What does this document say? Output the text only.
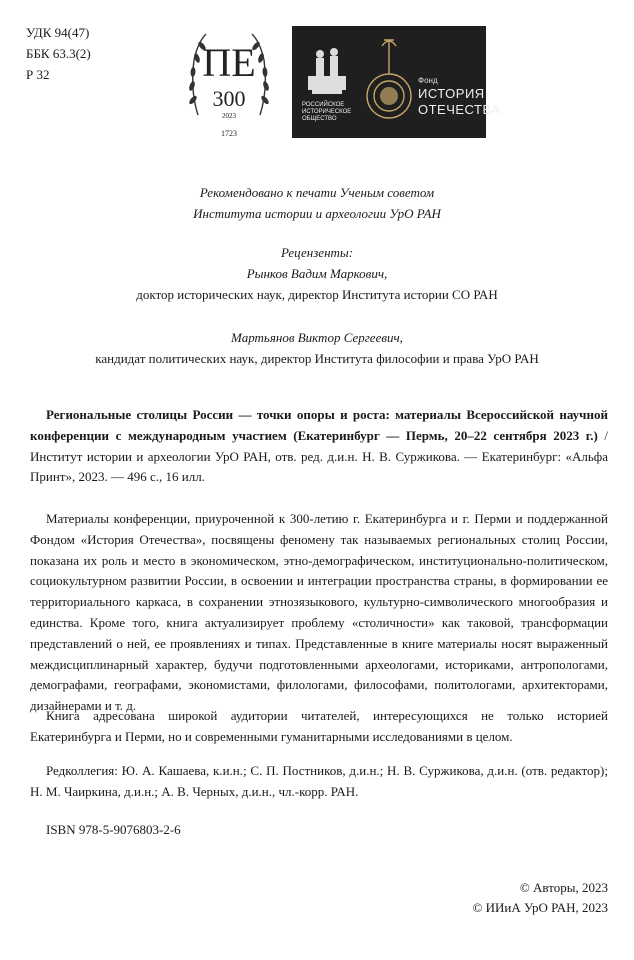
УДК 94(47)
ББК 63.3(2)
Р 32	ПЕ
300
2023
1723
РОССИЙСКОЕ ИСТОРИЧЕСКОЕ ОБЩЕСТВО
Фонд
ИСТОРИЯ
ОТЕЧЕСТВА
Рекомендовано к печати Ученым советом
Института истории и археологии УрО РАН
Рецензенты:
Рынков Вадим Маркович,
доктор исторических наук, директор Института истории СО РАН
Мартьянов Виктор Сергеевич,
кандидат политических наук, директор Института философии и права УрО РАН
Региональные столицы России — точки опоры и роста: материалы Всероссийской научной конференции с международным участием (Екатеринбург — Пермь, 20–22 сентября 2023 г.) / Институт истории и археологии УрО РАН, отв. ред. д.и.н. Н. В. Суржикова. — Екатеринбург: «Альфа Принт», 2023. — 496 с., 16 илл.
Материалы конференции, приуроченной к 300-летию г. Екатеринбурга и г. Перми и поддержанной Фондом «История Отечества», посвящены феномену так называемых региональных столиц России, показана их роль и место в экономическом, этно-демографическом, институционально-политическом, социокультурном развитии России, в освоении и интеграции пространства страны, в формировании ее территориального каркаса, в сохранении этнозязыкового, культурно-символического многообразия и единства. Кроме того, книга актуализирует проблему «столичности» как таковой, трансформации представлений о ней, ее проявлениях и типах. Представленные в книге материалы носят выраженный междисциплинарный характер, будучи подготовленными археологами, историками, антропологами, демографами, географами, экономистами, филологами, философами, политологами, архитекторами, дизайнерами и т. д.
Книга адресована широкой аудитории читателей, интересующихся не только историей Екатеринбурга и Перми, но и современными гуманитарными исследованиями в целом.
Редколлегия: Ю. А. Кашаева, к.и.н.; С. П. Постников, д.и.н.; Н. В. Суржикова, д.и.н. (отв. редактор); Н. М. Чаиркина, д.и.н.; А. В. Черных, д.и.н., чл.-корр. РАН.
ISBN 978-5-9076803-2-6
© Авторы, 2023
© ИИиА УрО РАН, 2023
